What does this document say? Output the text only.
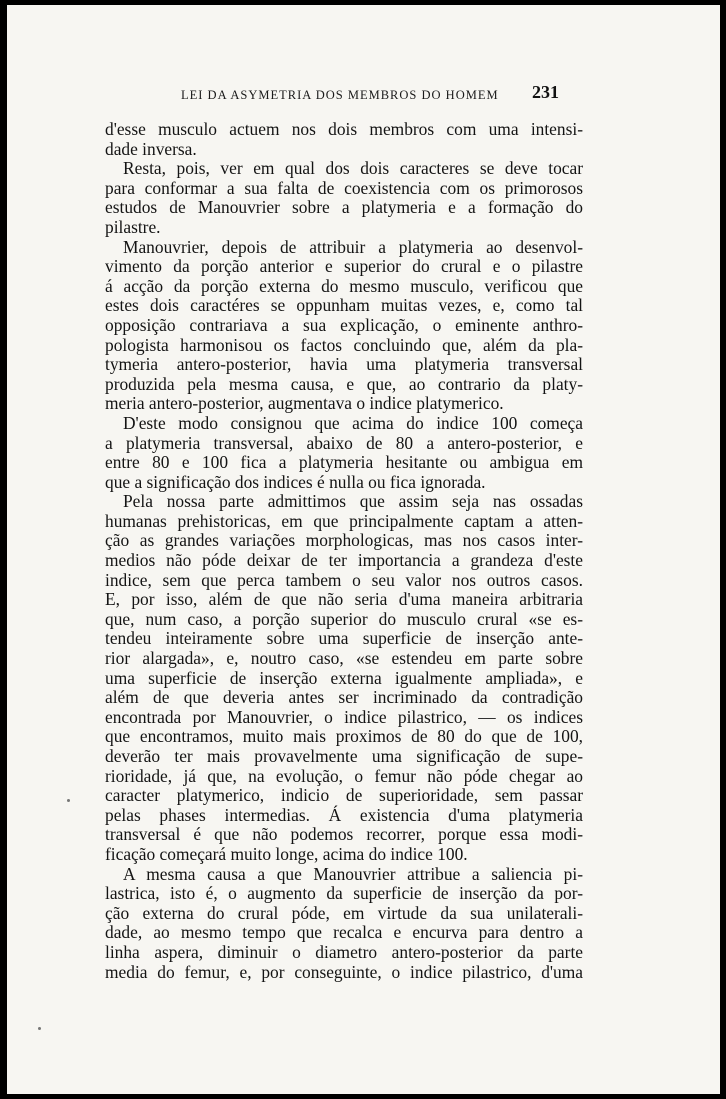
LEI DA ASYMETRIA DOS MEMBROS DO HOMEM	231
d'esse musculo actuem nos dois membros com uma intensi-
dade inversa.
Resta, pois, ver em qual dos dois caracteres se deve tocar
para conformar a sua falta de coexistencia com os primorosos
estudos de Manouvrier sobre a platymeria e a formação do
pilastre.
Manouvrier, depois de attribuir a platymeria ao desenvol-
vimento da porção anterior e superior do crural e o pilastre
á acção da porção externa do mesmo musculo, verificou que
estes dois caractéres se oppunham muitas vezes, e, como tal
opposição contrariava a sua explicação, o eminente anthro-
pologista harmonisou os factos concluindo que, além da pla-
tymeria antero-posterior, havia uma platymeria transversal
produzida pela mesma causa, e que, ao contrario da platy-
meria antero-posterior, augmentava o indice platymerico.
D'este modo consignou que acima do indice 100 começa
a platymeria transversal, abaixo de 80 a antero-posterior, e
entre 80 e 100 fica a platymeria hesitante ou ambigua em
que a significação dos indices é nulla ou fica ignorada.
Pela nossa parte admittimos que assim seja nas ossadas
humanas prehistoricas, em que principalmente captam a atten-
ção as grandes variações morphologicas, mas nos casos inter-
medios não póde deixar de ter importancia a grandeza d'este
indice, sem que perca tambem o seu valor nos outros casos.
E, por isso, além de que não seria d'uma maneira arbitraria
que, num caso, a porção superior do musculo crural «se es-
tendeu inteiramente sobre uma superficie de inserção ante-
rior alargada», e, noutro caso, «se estendeu em parte sobre
uma superficie de inserção externa igualmente ampliada», e
além de que deveria antes ser incriminado da contradição
encontrada por Manouvrier, o indice pilastrico, — os indices
que encontramos, muito mais proximos de 80 do que de 100,
deverão ter mais provavelmente uma significação de supe-
rioridade, já que, na evolução, o femur não póde chegar ao
caracter platymerico, indicio de superioridade, sem passar
pelas phases intermedias. Á existencia d'uma platymeria
transversal é que não podemos recorrer, porque essa modi-
ficação começará muito longe, acima do indice 100.
A mesma causa a que Manouvrier attribue a saliencia pi-
lastrica, isto é, o augmento da superficie de inserção da por-
ção externa do crural póde, em virtude da sua unilaterali-
dade, ao mesmo tempo que recalca e encurva para dentro a
linha aspera, diminuir o diametro antero-posterior da parte
media do femur, e, por conseguinte, o indice pilastrico, d'uma
